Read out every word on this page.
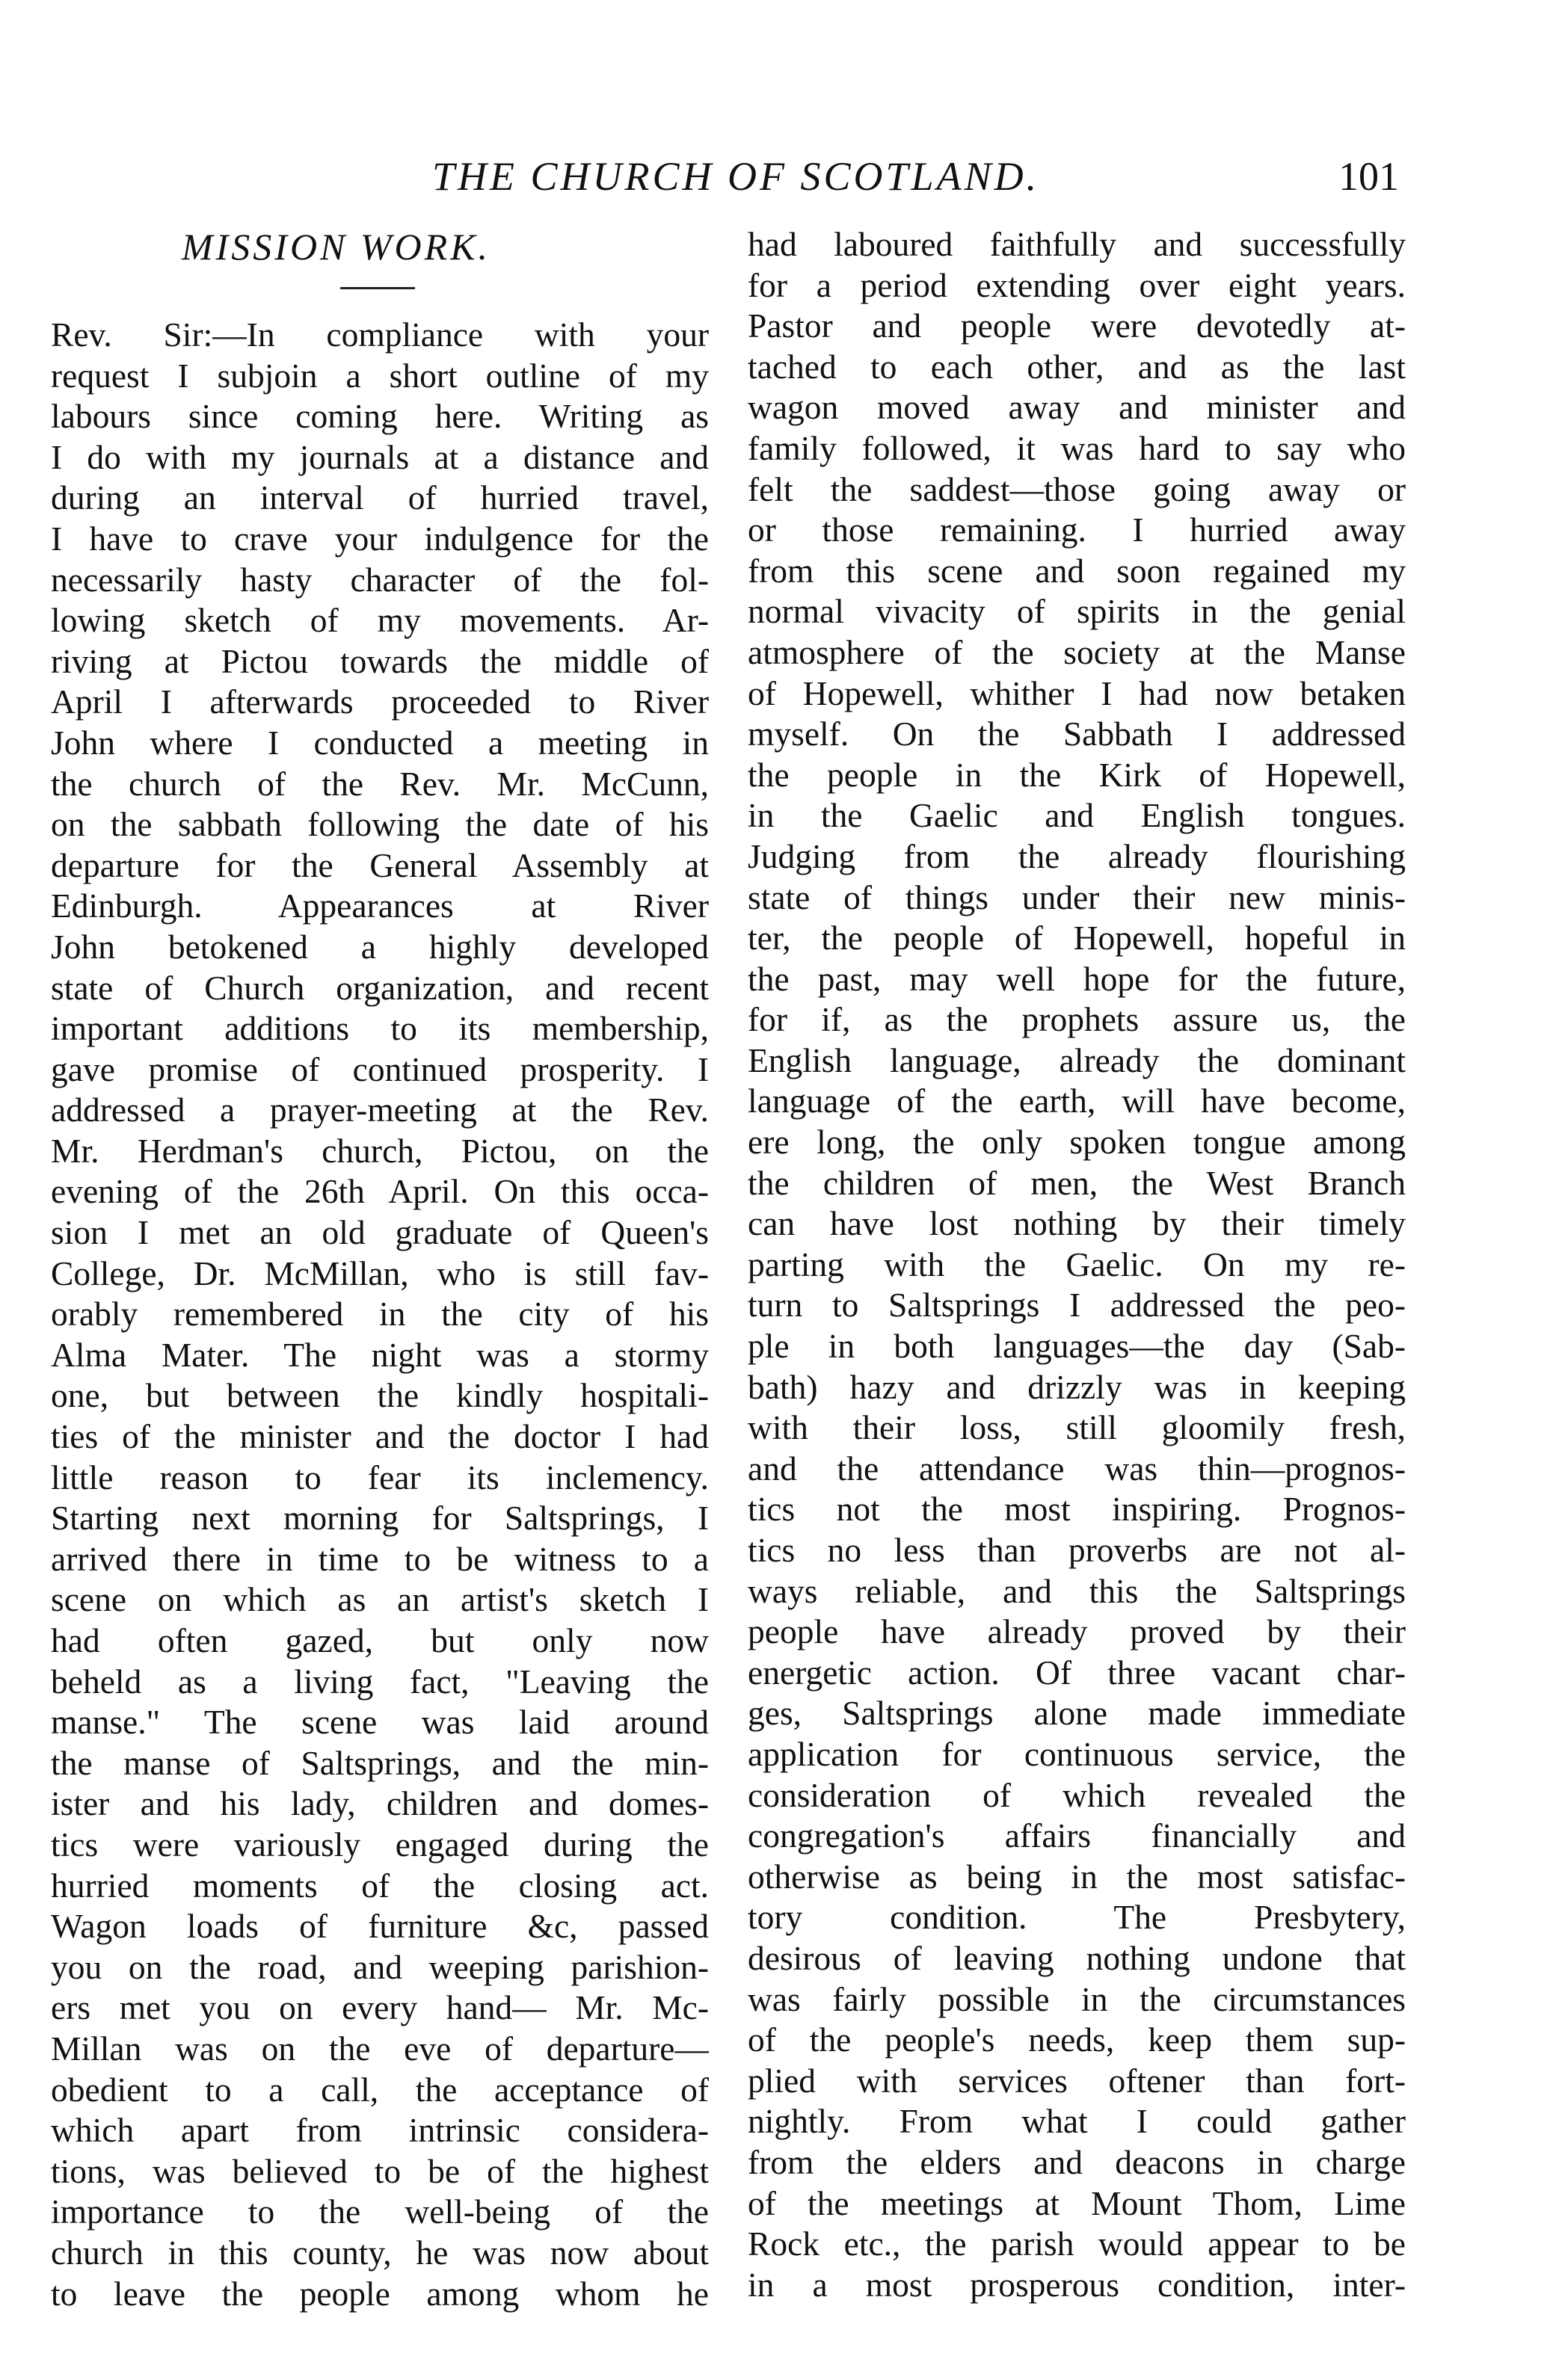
THE CHURCH OF SCOTLAND.	101
MISSION WORK.
Rev. Sir:—In compliance with your
request I subjoin a short outline of my
labours since coming here. Writing as
I do with my journals at a distance and
during an interval of hurried travel,
I have to crave your indulgence for the
necessarily hasty character of the fol-
lowing sketch of my movements. Ar-
riving at Pictou towards the middle of
April I afterwards proceeded to River
John where I conducted a meeting in
the church of the Rev. Mr. McCunn,
on the sabbath following the date of his
departure for the General Assembly at
Edinburgh. Appearances at River
John betokened a highly developed
state of Church organization, and recent
important additions to its membership,
gave promise of continued prosperity. I
addressed a prayer-meeting at the Rev.
Mr. Herdman's church, Pictou, on the
evening of the 26th April. On this occa-
sion I met an old graduate of Queen's
College, Dr. McMillan, who is still fav-
orably remembered in the city of his
Alma Mater. The night was a stormy
one, but between the kindly hospitali-
ties of the minister and the doctor I had
little reason to fear its inclemency.
Starting next morning for Saltsprings, I
arrived there in time to be witness to a
scene on which as an artist's sketch I
had often gazed, but only now
beheld as a living fact, "Leaving the
manse." The scene was laid around
the manse of Saltsprings, and the min-
ister and his lady, children and domes-
tics were variously engaged during the
hurried moments of the closing act.
Wagon loads of furniture &c, passed
you on the road, and weeping parishion-
ers met you on every hand— Mr. Mc-
Millan was on the eve of departure—
obedient to a call, the acceptance of
which apart from intrinsic considera-
tions, was believed to be of the highest
importance to the well-being of the
church in this county, he was now about
to leave the people among whom he
had laboured faithfully and successfully
for a period extending over eight years.
Pastor and people were devotedly at-
tached to each other, and as the last
wagon moved away and minister and
family followed, it was hard to say who
felt the saddest—those going away or
or those remaining. I hurried away
from this scene and soon regained my
normal vivacity of spirits in the genial
atmosphere of the society at the Manse
of Hopewell, whither I had now betaken
myself. On the Sabbath I addressed
the people in the Kirk of Hopewell,
in the Gaelic and English tongues.
Judging from the already flourishing
state of things under their new minis-
ter, the people of Hopewell, hopeful in
the past, may well hope for the future,
for if, as the prophets assure us, the
English language, already the dominant
language of the earth, will have become,
ere long, the only spoken tongue among
the children of men, the West Branch
can have lost nothing by their timely
parting with the Gaelic. On my re-
turn to Saltsprings I addressed the peo-
ple in both languages—the day (Sab-
bath) hazy and drizzly was in keeping
with their loss, still gloomily fresh,
and the attendance was thin—prognos-
tics not the most inspiring. Prognos-
tics no less than proverbs are not al-
ways reliable, and this the Saltsprings
people have already proved by their
energetic action. Of three vacant char-
ges, Saltsprings alone made immediate
application for continuous service, the
consideration of which revealed the
congregation's affairs financially and
otherwise as being in the most satisfac-
tory condition. The Presbytery,
desirous of leaving nothing undone that
was fairly possible in the circumstances
of the people's needs, keep them sup-
plied with services oftener than fort-
nightly. From what I could gather
from the elders and deacons in charge
of the meetings at Mount Thom, Lime
Rock etc., the parish would appear to be
in a most prosperous condition, inter-
